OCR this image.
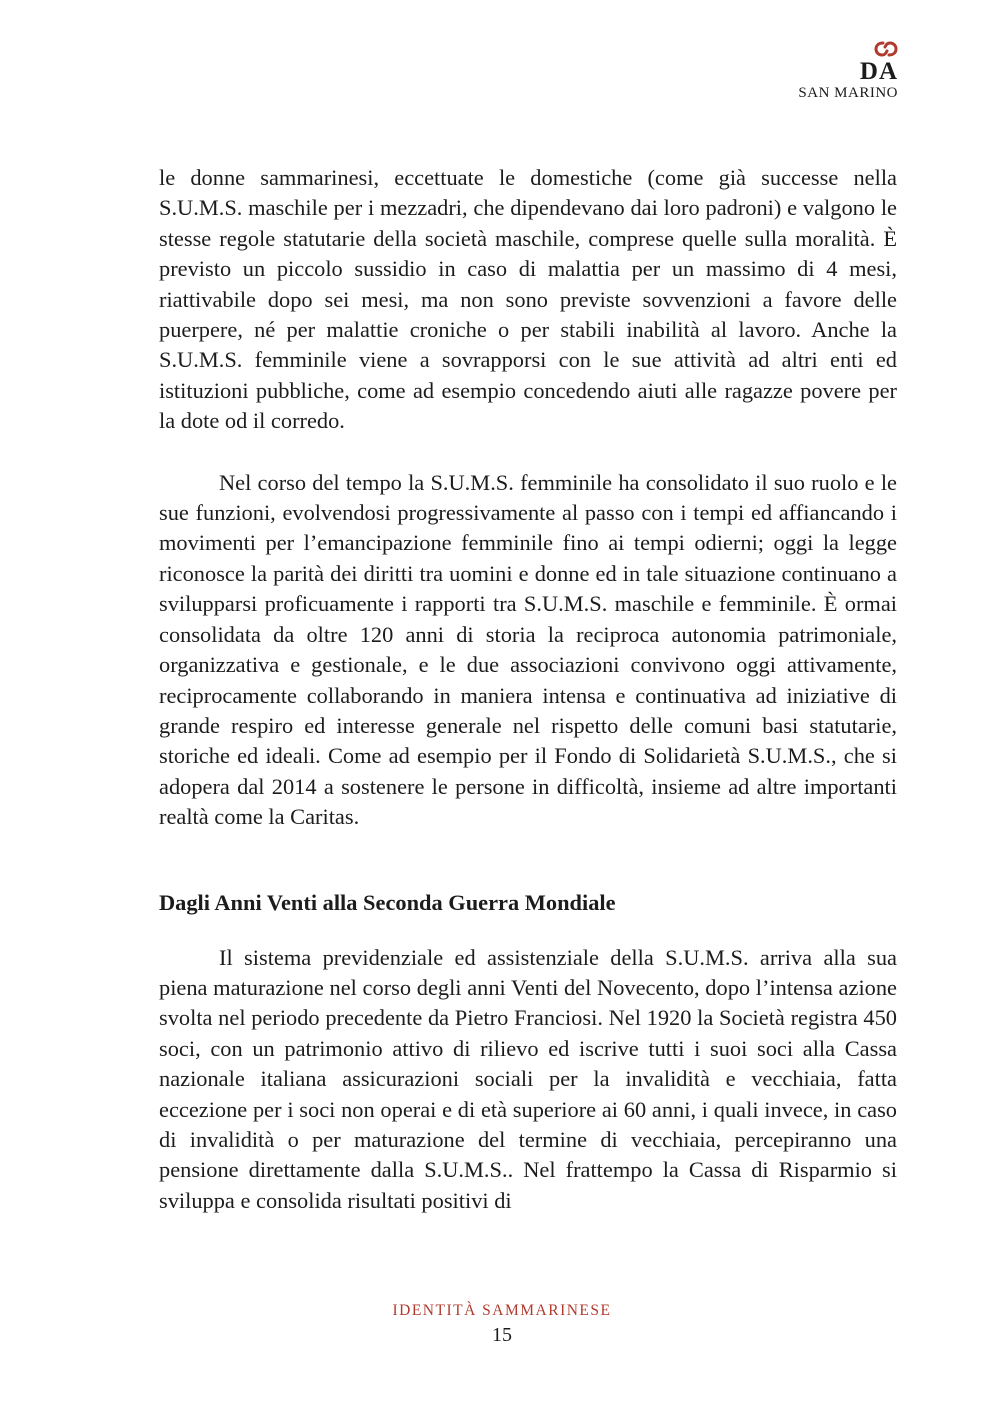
DA
SAN MARINO

le donne sammarinesi, eccettuate le domestiche (come già successe nella S.U.M.S. maschile per i mezzadri, che dipendevano dai loro padroni) e valgono le stesse regole statutarie della società maschile, comprese quelle sulla moralità. È previsto un piccolo sussidio in caso di malattia per un massimo di 4 mesi, riattivabile dopo sei mesi, ma non sono previste sovvenzioni a favore delle puerpere, né per malattie croniche o per stabili inabilità al lavoro. Anche la S.U.M.S. femminile viene a sovrapporsi con le sue attività ad altri enti ed istituzioni pubbliche, come ad esempio concedendo aiuti alle ragazze povere per la dote od il corredo.

Nel corso del tempo la S.U.M.S. femminile ha consolidato il suo ruolo e le sue funzioni, evolvendosi progressivamente al passo con i tempi ed affiancando i movimenti per l’emancipazione femminile fino ai tempi odierni; oggi la legge riconosce la parità dei diritti tra uomini e donne ed in tale situazione continuano a svilupparsi proficuamente i rapporti tra S.U.M.S. maschile e femminile. È ormai consolidata da oltre 120 anni di storia la reciproca autonomia patrimoniale, organizzativa e gestionale, e le due associazioni convivono oggi attivamente, reciprocamente collaborando in maniera intensa e continuativa ad iniziative di grande respiro ed interesse generale nel rispetto delle comuni basi statutarie, storiche ed ideali. Come ad esempio per il Fondo di Solidarietà S.U.M.S., che si adopera dal 2014 a sostenere le persone in difficoltà, insieme ad altre importanti realtà come la Caritas.

Dagli Anni Venti alla Seconda Guerra Mondiale

Il sistema previdenziale ed assistenziale della S.U.M.S. arriva alla sua piena maturazione nel corso degli anni Venti del Novecento, dopo l’intensa azione svolta nel periodo precedente da Pietro Franciosi. Nel 1920 la Società registra 450 soci, con un patrimonio attivo di rilievo ed iscrive tutti i suoi soci alla Cassa nazionale italiana assicurazioni sociali per la invalidità e vecchiaia, fatta eccezione per i soci non operai e di età superiore ai 60 anni, i quali invece, in caso di invalidità o per maturazione del termine di vecchiaia, percepiranno una pensione direttamente dalla S.U.M.S.. Nel frattempo la Cassa di Risparmio si sviluppa e consolida risultati positivi di

IDENTITÀ SAMMARINESE
15
